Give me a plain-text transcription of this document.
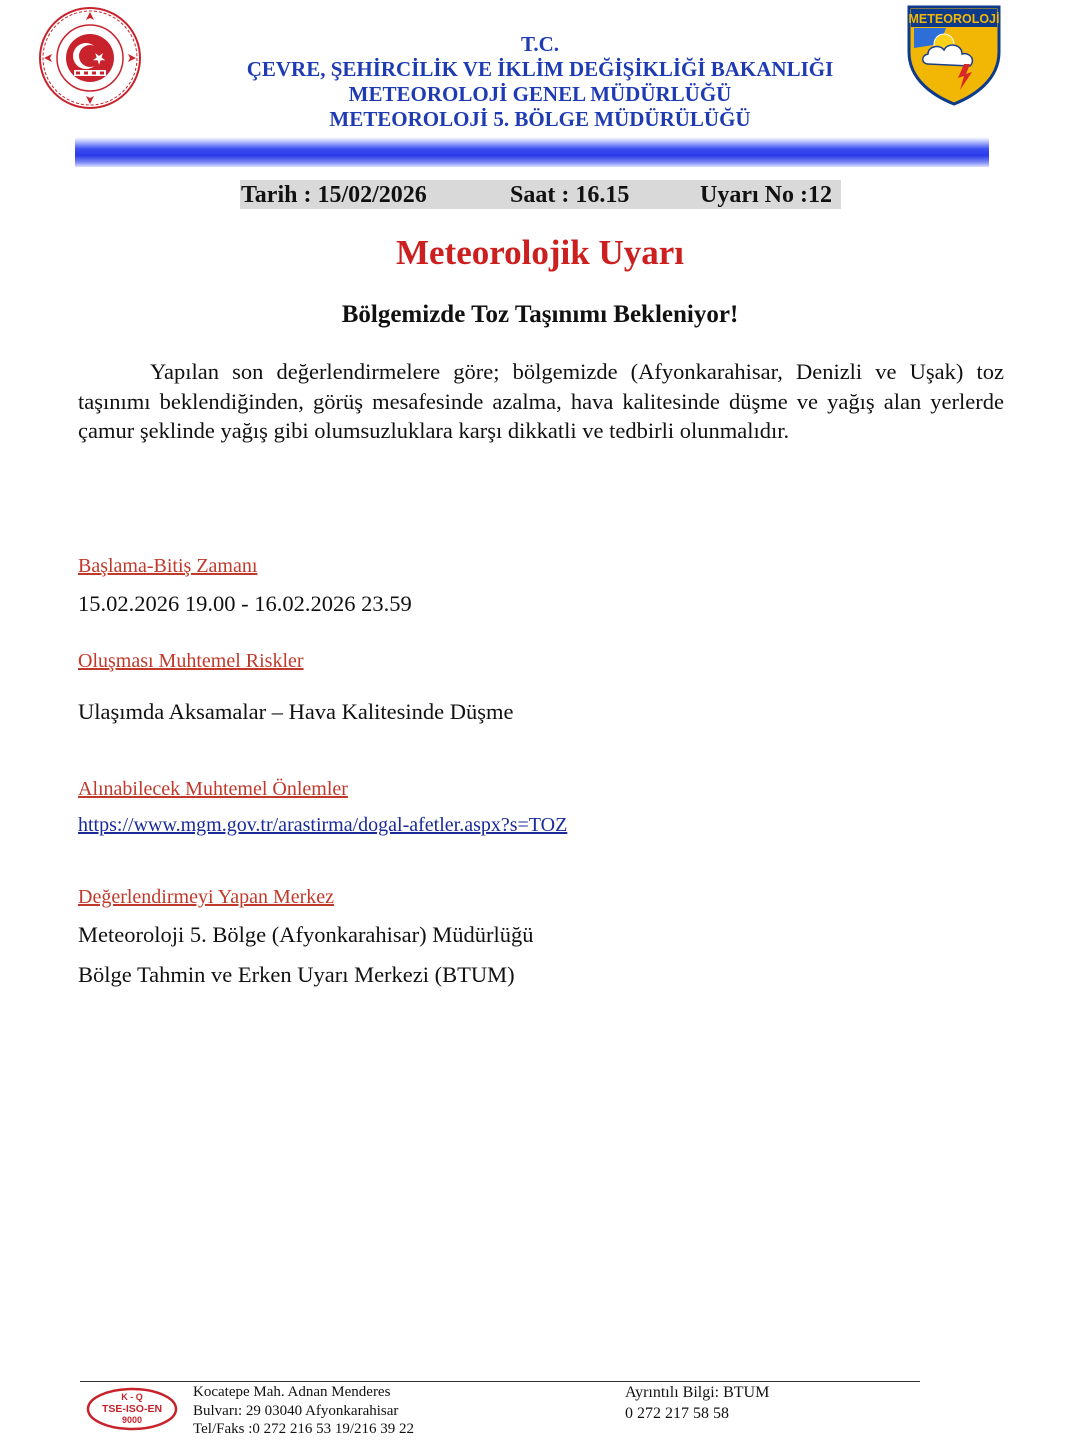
T.C.
ÇEVRE, ŞEHİRCİLİK VE İKLİM DEĞİŞİKLİĞİ BAKANLIĞI
METEOROLOJİ GENEL MÜDÜRLÜĞÜ
METEOROLOJİ 5. BÖLGE MÜDÜRÜLÜĞÜ
METEOROLOJİ
Tarih : 15/02/2026	Saat : 16.15	Uyarı No :12
Meteorolojik Uyarı
Bölgemizde Toz Taşınımı Bekleniyor!
Yapılan son değerlendirmelere göre; bölgemizde (Afyonkarahisar, Denizli ve Uşak) toz taşınımı beklendiğinden, görüş mesafesinde azalma, hava kalitesinde düşme ve yağış alan yerlerde çamur şeklinde yağış gibi olumsuzluklara karşı dikkatli ve tedbirli olunmalıdır.
Başlama-Bitiş Zamanı
15.02.2026 19.00 - 16.02.2026 23.59
Oluşması Muhtemel Riskler
Ulaşımda Aksamalar – Hava Kalitesinde Düşme
Alınabilecek Muhtemel Önlemler
https://www.mgm.gov.tr/arastirma/dogal-afetler.aspx?s=TOZ
Değerlendirmeyi Yapan Merkez
Meteoroloji 5. Bölge (Afyonkarahisar) Müdürlüğü
Bölge Tahmin ve Erken Uyarı Merkezi (BTUM)
K - Q
TSE-ISO-EN
9000
Kocatepe Mah. Adnan Menderes
Bulvarı: 29 03040 Afyonkarahisar
Tel/Faks :0 272 216 53 19/216 39 22
Ayrıntılı Bilgi: BTUM
0 272 217 58 58
